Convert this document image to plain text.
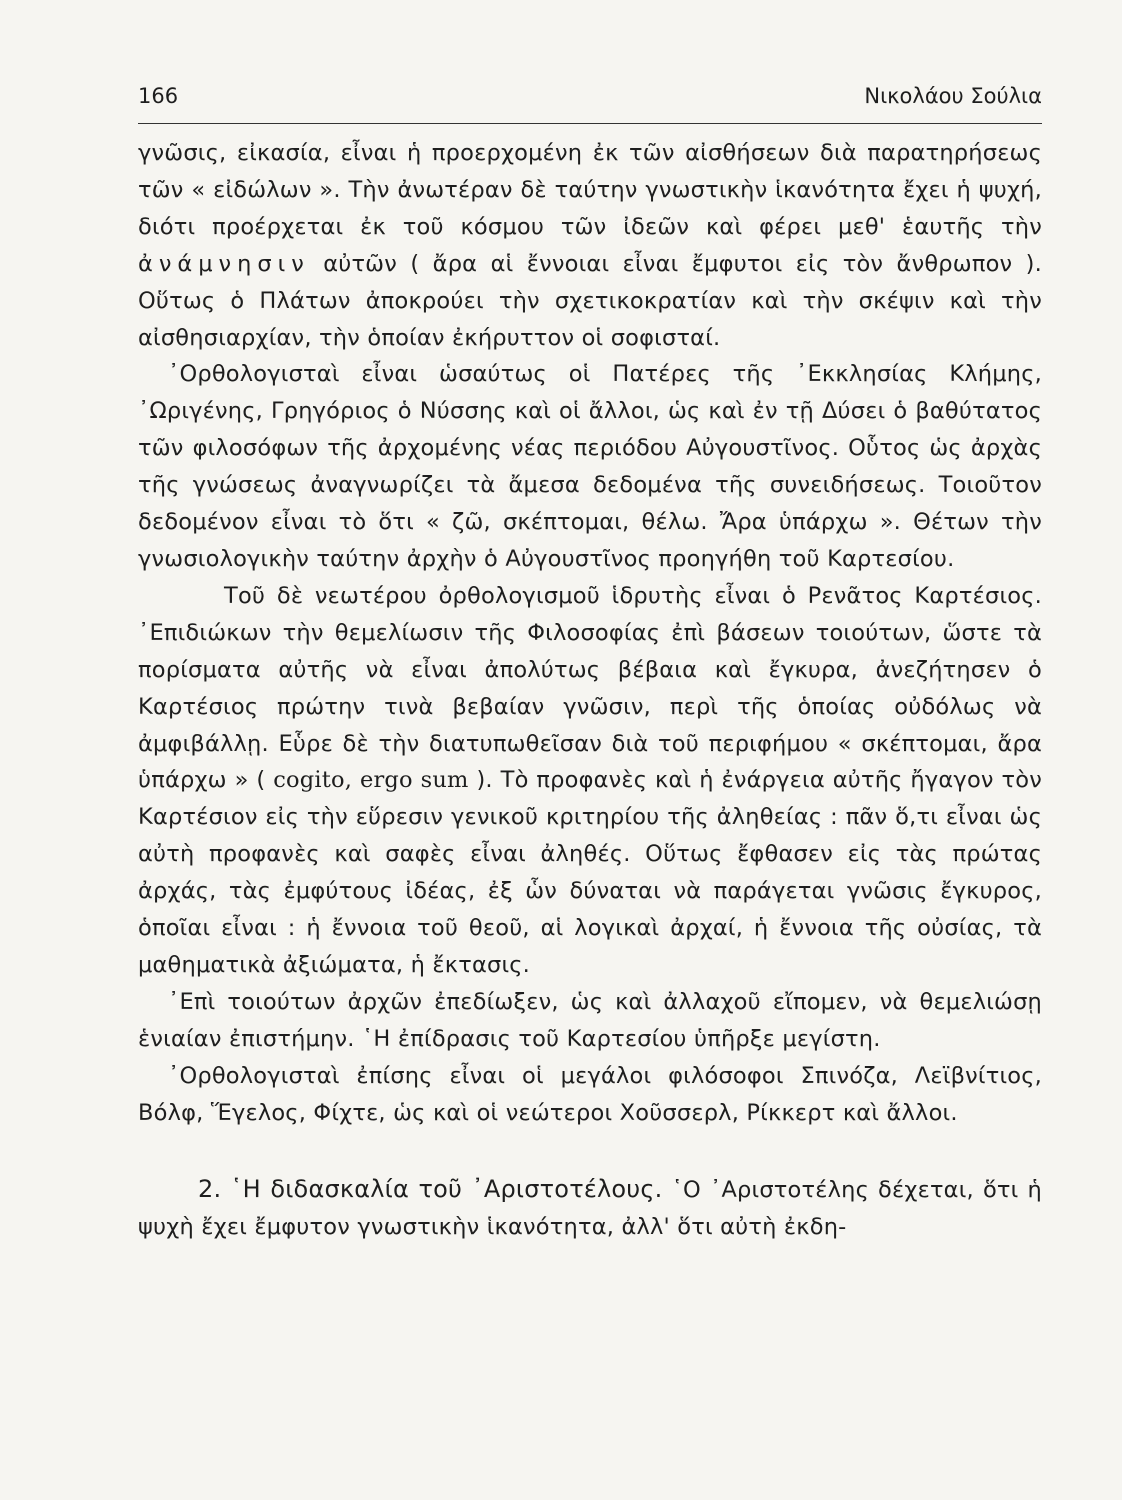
166	Νικολάου Σούλια

γνῶσις, εἰκασία, εἶναι ἡ προερχομένη ἐκ τῶν αἰσθήσεων διὰ παρατηρήσεως τῶν « εἰδώλων ». Τὴν ἀνωτέραν δὲ ταύτην γνωστικὴν ἱκανότητα ἔχει ἡ ψυχή, διότι προέρχεται ἐκ τοῦ κόσμου τῶν ἰδεῶν καὶ φέρει μεθ' ἑαυτῆς τὴν ἀνάμνησιν αὐτῶν ( ἄρα αἱ ἔννοιαι εἶναι ἔμφυτοι εἰς τὸν ἄνθρωπον ). Οὕτως ὁ Πλάτων ἀποκρούει τὴν σχετικοκρατίαν καὶ τὴν σκέψιν καὶ τὴν αἰσθησιαρχίαν, τὴν ὁποίαν ἐκήρυττον οἱ σοφισταί.

᾿Ορθολογισταὶ εἶναι ὡσαύτως οἱ Πατέρες τῆς ᾿Εκκλησίας Κλήμης, ᾿Ωριγένης, Γρηγόριος ὁ Νύσσης καὶ οἱ ἄλλοι, ὡς καὶ ἐν τῇ Δύσει ὁ βαθύτατος τῶν φιλοσόφων τῆς ἀρχομένης νέας περιόδου Αὐγουστῖνος. Οὗτος ὡς ἀρχὰς τῆς γνώσεως ἀναγνωρίζει τὰ ἄμεσα δεδομένα τῆς συνειδήσεως. Τοιοῦτον δεδομένον εἶναι τὸ ὅτι « ζῶ, σκέπτομαι, θέλω. Ἄρα ὑπάρχω ». Θέτων τὴν γνωσιολογικὴν ταύτην ἀρχὴν ὁ Αὐγουστῖνος προηγήθη τοῦ Καρτεσίου.

Τοῦ δὲ νεωτέρου ὀρθολογισμοῦ ἱδρυτὴς εἶναι ὁ Ρενᾶτος Καρτέσιος. ᾿Επιδιώκων τὴν θεμελίωσιν τῆς Φιλοσοφίας ἐπὶ βάσεων τοιούτων, ὥστε τὰ πορίσματα αὐτῆς νὰ εἶναι ἀπολύτως βέβαια καὶ ἔγκυρα, ἀνεζήτησεν ὁ Καρτέσιος πρώτην τινὰ βεβαίαν γνῶσιν, περὶ τῆς ὁποίας οὐδόλως νὰ ἀμφιβάλλῃ. Εὗρε δὲ τὴν διατυπωθεῖσαν διὰ τοῦ περιφήμου « σκέπτομαι, ἄρα ὑπάρχω » ( cogito, ergo sum ). Τὸ προφανὲς καὶ ἡ ἐνάργεια αὐτῆς ἤγαγον τὸν Καρτέσιον εἰς τὴν εὕρεσιν γενικοῦ κριτηρίου τῆς ἀληθείας : πᾶν ὅ,τι εἶναι ὡς αὐτὴ προφανὲς καὶ σαφὲς εἶναι ἀληθές. Οὕτως ἔφθασεν εἰς τὰς πρώτας ἀρχάς, τὰς ἐμφύτους ἰδέας, ἐξ ὧν δύναται νὰ παράγεται γνῶσις ἔγκυρος, ὁποῖαι εἶναι : ἡ ἔννοια τοῦ θεοῦ, αἱ λογικαὶ ἀρχαί, ἡ ἔννοια τῆς οὐσίας, τὰ μαθηματικὰ ἀξιώματα, ἡ ἔκτασις.

᾿Επὶ τοιούτων ἀρχῶν ἐπεδίωξεν, ὡς καὶ ἀλλαχοῦ εἴπομεν, νὰ θεμελιώσῃ ἑνιαίαν ἐπιστήμην. ῾Η ἐπίδρασις τοῦ Καρτεσίου ὑπῆρξε μεγίστη.

᾿Ορθολογισταὶ ἐπίσης εἶναι οἱ μεγάλοι φιλόσοφοι Σπινόζα, Λεϊβνίτιος, Βόλφ, Ἕγελος, Φίχτε, ὡς καὶ οἱ νεώτεροι Χοῦσσερλ, Ρίκκερτ καὶ ἄλλοι.

2. ῾Η διδασκαλία τοῦ ᾿Αριστοτέλους. ῾Ο ᾿Αριστοτέλης δέχεται, ὅτι ἡ ψυχὴ ἔχει ἔμφυτον γνωστικὴν ἱκανότητα, ἀλλ' ὅτι αὐτὴ ἐκδη-
